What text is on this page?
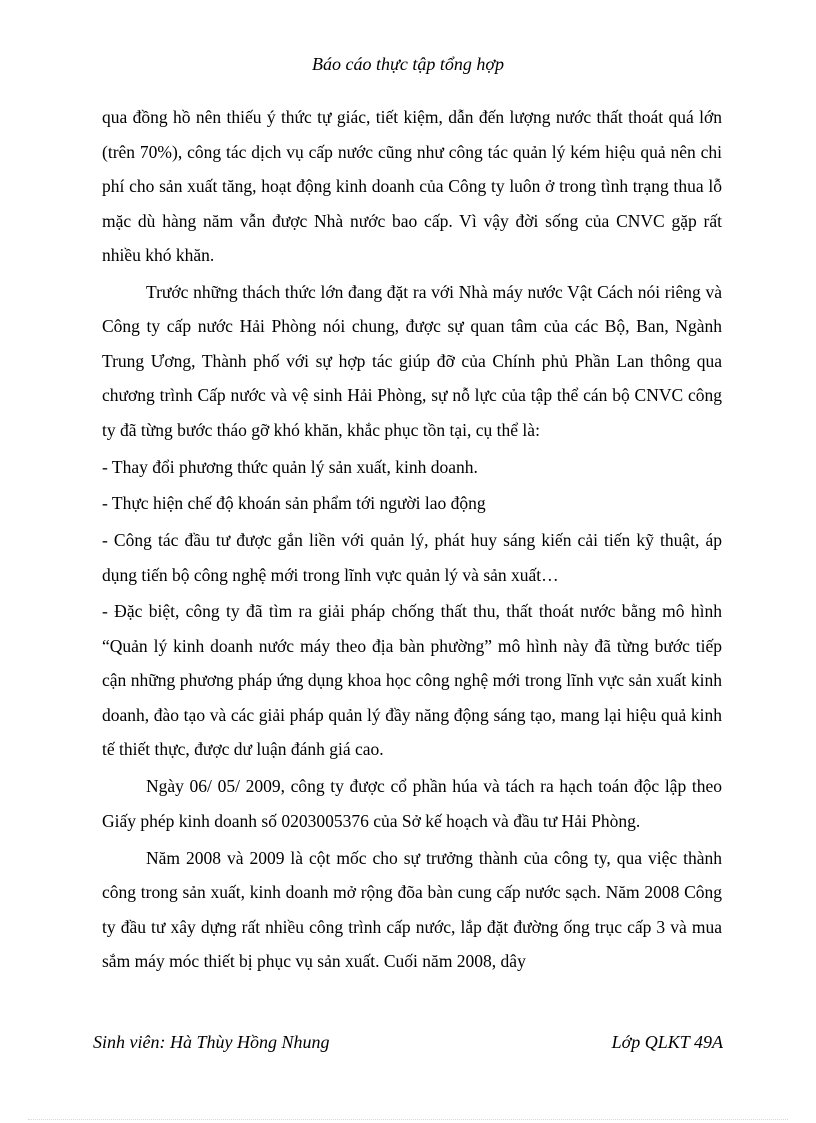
Báo cáo thực tập tổng hợp

qua đồng hồ nên thiếu ý thức tự giác, tiết kiệm, dẫn đến lượng nước thất thoát quá lớn (trên 70%), công tác dịch vụ cấp nước cũng như công tác quản lý kém hiệu quả nên chi phí cho sản xuất tăng, hoạt động kinh doanh của Công ty luôn ở trong tình trạng thua lỗ mặc dù hàng năm vẫn được Nhà nước bao cấp. Vì vậy đời sống của CNVC gặp rất nhiều khó khăn.

Trước những thách thức lớn đang đặt ra với Nhà máy nước Vật Cách nói riêng và Công ty cấp nước Hải Phòng nói chung, được sự quan tâm của các Bộ, Ban, Ngành Trung Ương, Thành phố với sự hợp tác giúp đỡ của Chính phủ Phần Lan thông qua chương trình Cấp nước và vệ sinh Hải Phòng, sự nỗ lực của tập thể cán bộ CNVC công ty đã từng bước tháo gỡ khó khăn, khắc phục tồn tại, cụ thể là:

- Thay đổi phương thức quản lý sản xuất, kinh doanh.

- Thực hiện chế độ khoán sản phẩm tới người lao động

- Công tác đầu tư được gắn liền với quản lý, phát huy sáng kiến cải tiến kỹ thuật, áp dụng tiến bộ công nghệ mới trong lĩnh vực quản lý và sản xuất…

- Đặc biệt, công ty đã tìm ra giải pháp chống thất thu, thất thoát nước bằng mô hình “Quản lý kinh doanh nước máy theo địa bàn phường” mô hình này đã từng bước tiếp cận những phương pháp ứng dụng khoa học công nghệ mới trong lĩnh vực sản xuất kinh doanh, đào tạo và các giải pháp quản lý đầy năng động sáng tạo, mang lại hiệu quả kinh tế thiết thực, được dư luận đánh giá cao.

Ngày 06/ 05/ 2009, công ty được cổ phần húa và tách ra hạch toán độc lập theo Giấy phép kinh doanh số 0203005376 của Sở kế hoạch và đầu tư Hải Phòng.

Năm 2008 và 2009 là cột mốc cho sự trưởng thành của công ty, qua việc thành công trong sản xuất, kinh doanh mở rộng đõa bàn cung cấp nước sạch. Năm 2008 Công ty đầu tư xây dựng rất nhiều công trình cấp nước, lắp đặt đường ống trục cấp 3 và mua sắm máy móc thiết bị phục vụ sản xuất. Cuối năm 2008, dây

Sinh viên: Hà Thùy Hồng Nhung	Lớp QLKT 49A
